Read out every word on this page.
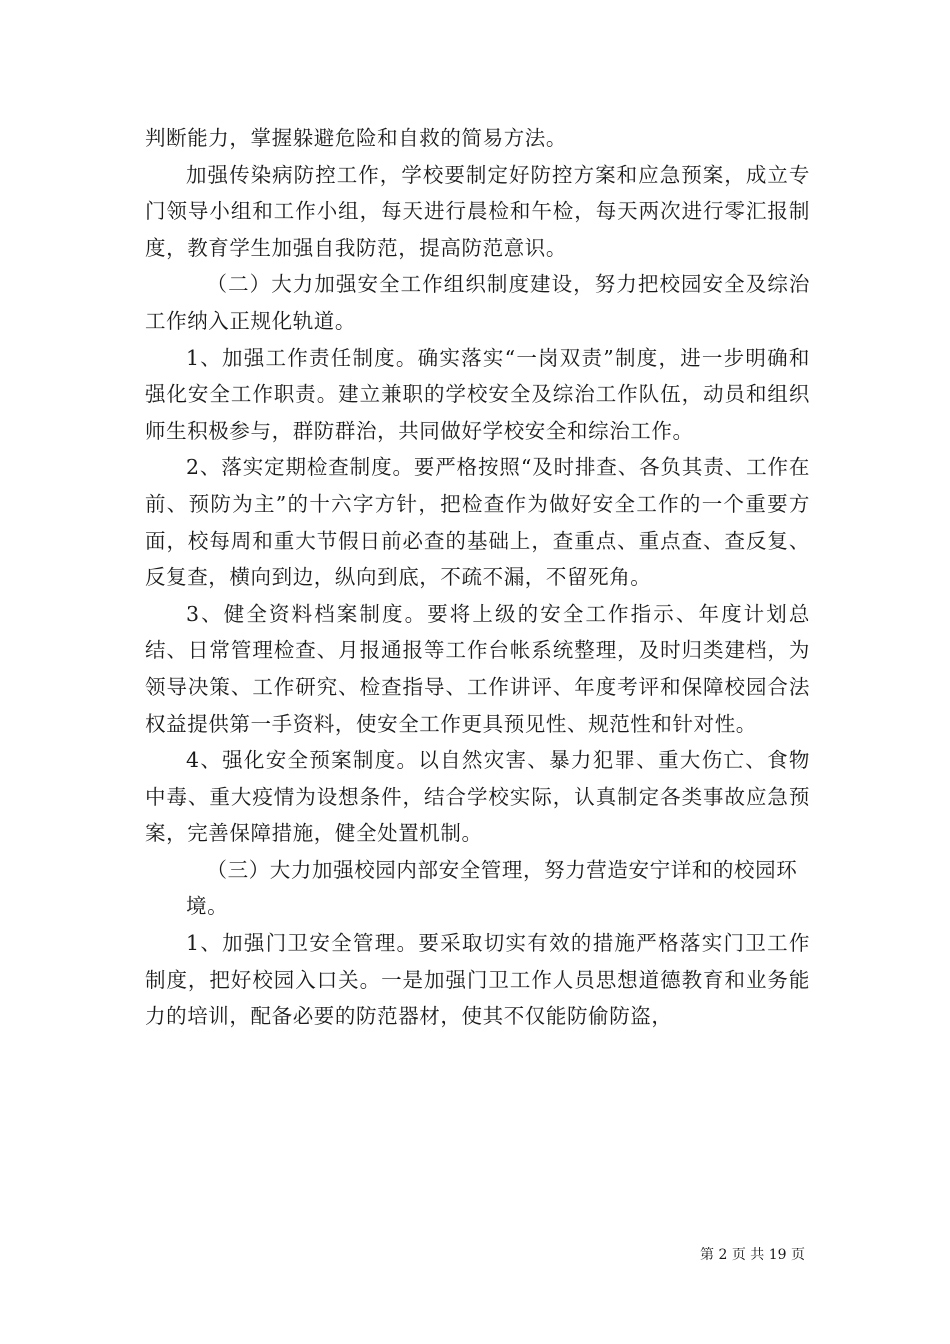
判断能力，掌握躲避危险和自救的简易方法。

加强传染病防控工作，学校要制定好防控方案和应急预案，成立专门领导小组和工作小组，每天进行晨检和午检，每天两次进行零汇报制度，教育学生加强自我防范，提高防范意识。

（二）大力加强安全工作组织制度建设，努力把校园安全及综治工作纳入正规化轨道。

1、加强工作责任制度。确实落实“一岗双责”制度，进一步明确和强化安全工作职责。建立兼职的学校安全及综治工作队伍，动员和组织师生积极参与，群防群治，共同做好学校安全和综治工作。

2、落实定期检查制度。要严格按照“及时排查、各负其责、工作在前、预防为主”的十六字方针，把检查作为做好安全工作的一个重要方面，校每周和重大节假日前必查的基础上，查重点、重点查、查反复、反复查，横向到边，纵向到底，不疏不漏，不留死角。

3、健全资料档案制度。要将上级的安全工作指示、年度计划总结、日常管理检查、月报通报等工作台帐系统整理，及时归类建档，为领导决策、工作研究、检查指导、工作讲评、年度考评和保障校园合法权益提供第一手资料，使安全工作更具预见性、规范性和针对性。

4、强化安全预案制度。以自然灾害、暴力犯罪、重大伤亡、食物中毒、重大疫情为设想条件，结合学校实际，认真制定各类事故应急预案，完善保障措施，健全处置机制。

（三）大力加强校园内部安全管理，努力营造安宁详和的校园环

境。

1、加强门卫安全管理。要采取切实有效的措施严格落实门卫工作制度，把好校园入口关。一是加强门卫工作人员思想道德教育和业务能力的培训，配备必要的防范器材，使其不仅能防偷防盗，

第 2 页 共 19 页
